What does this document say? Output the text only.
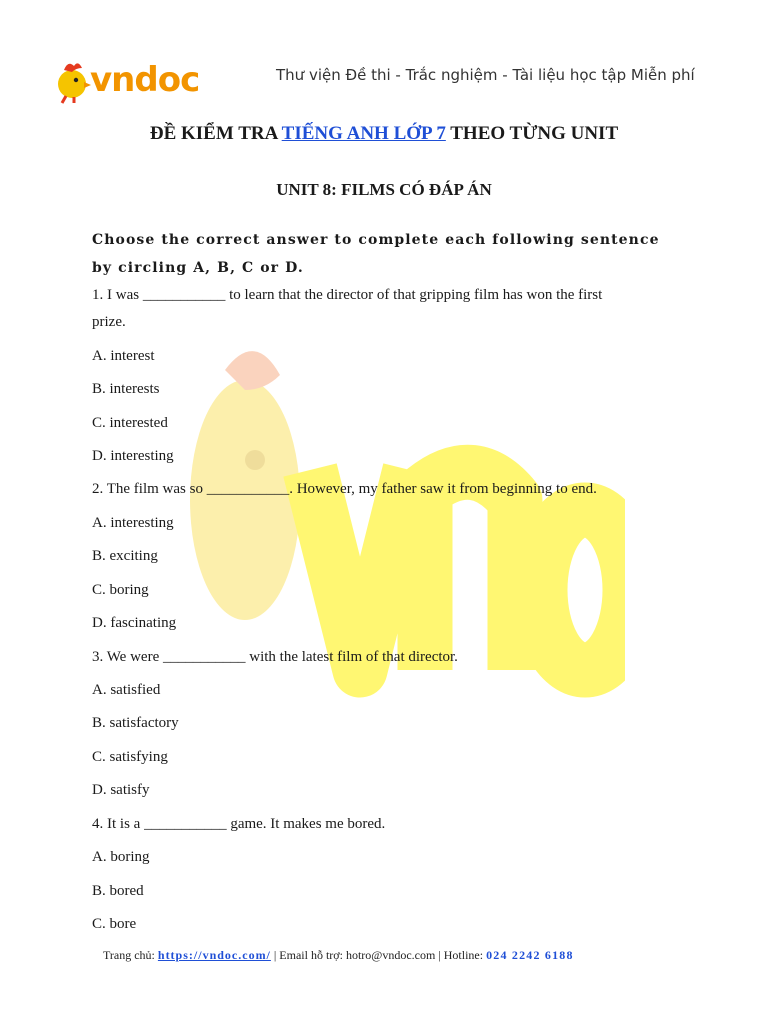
vndoc	Thư viện Đề thi - Trắc nghiệm - Tài liệu học tập Miễn phí
ĐỀ KIỂM TRA TIẾNG ANH LỚP 7 THEO TỪNG UNIT
UNIT 8: FILMS CÓ ĐÁP ÁN
Choose the correct answer to complete each following sentence by circling A, B, C or D.
1. I was ___________ to learn that the director of that gripping film has won the first
prize.
A. interest
B. interests
C. interested
D. interesting
2. The film was so ___________. However, my father saw it from beginning to end.
A. interesting
B. exciting
C. boring
D. fascinating
3. We were ___________ with the latest film of that director.
A. satisfied
B. satisfactory
C. satisfying
D. satisfy
4. It is a ___________ game. It makes me bored.
A. boring
B. bored
C. bore
Trang chủ: https://vndoc.com/ | Email hỗ trợ: hotro@vndoc.com | Hotline: 024 2242 6188
